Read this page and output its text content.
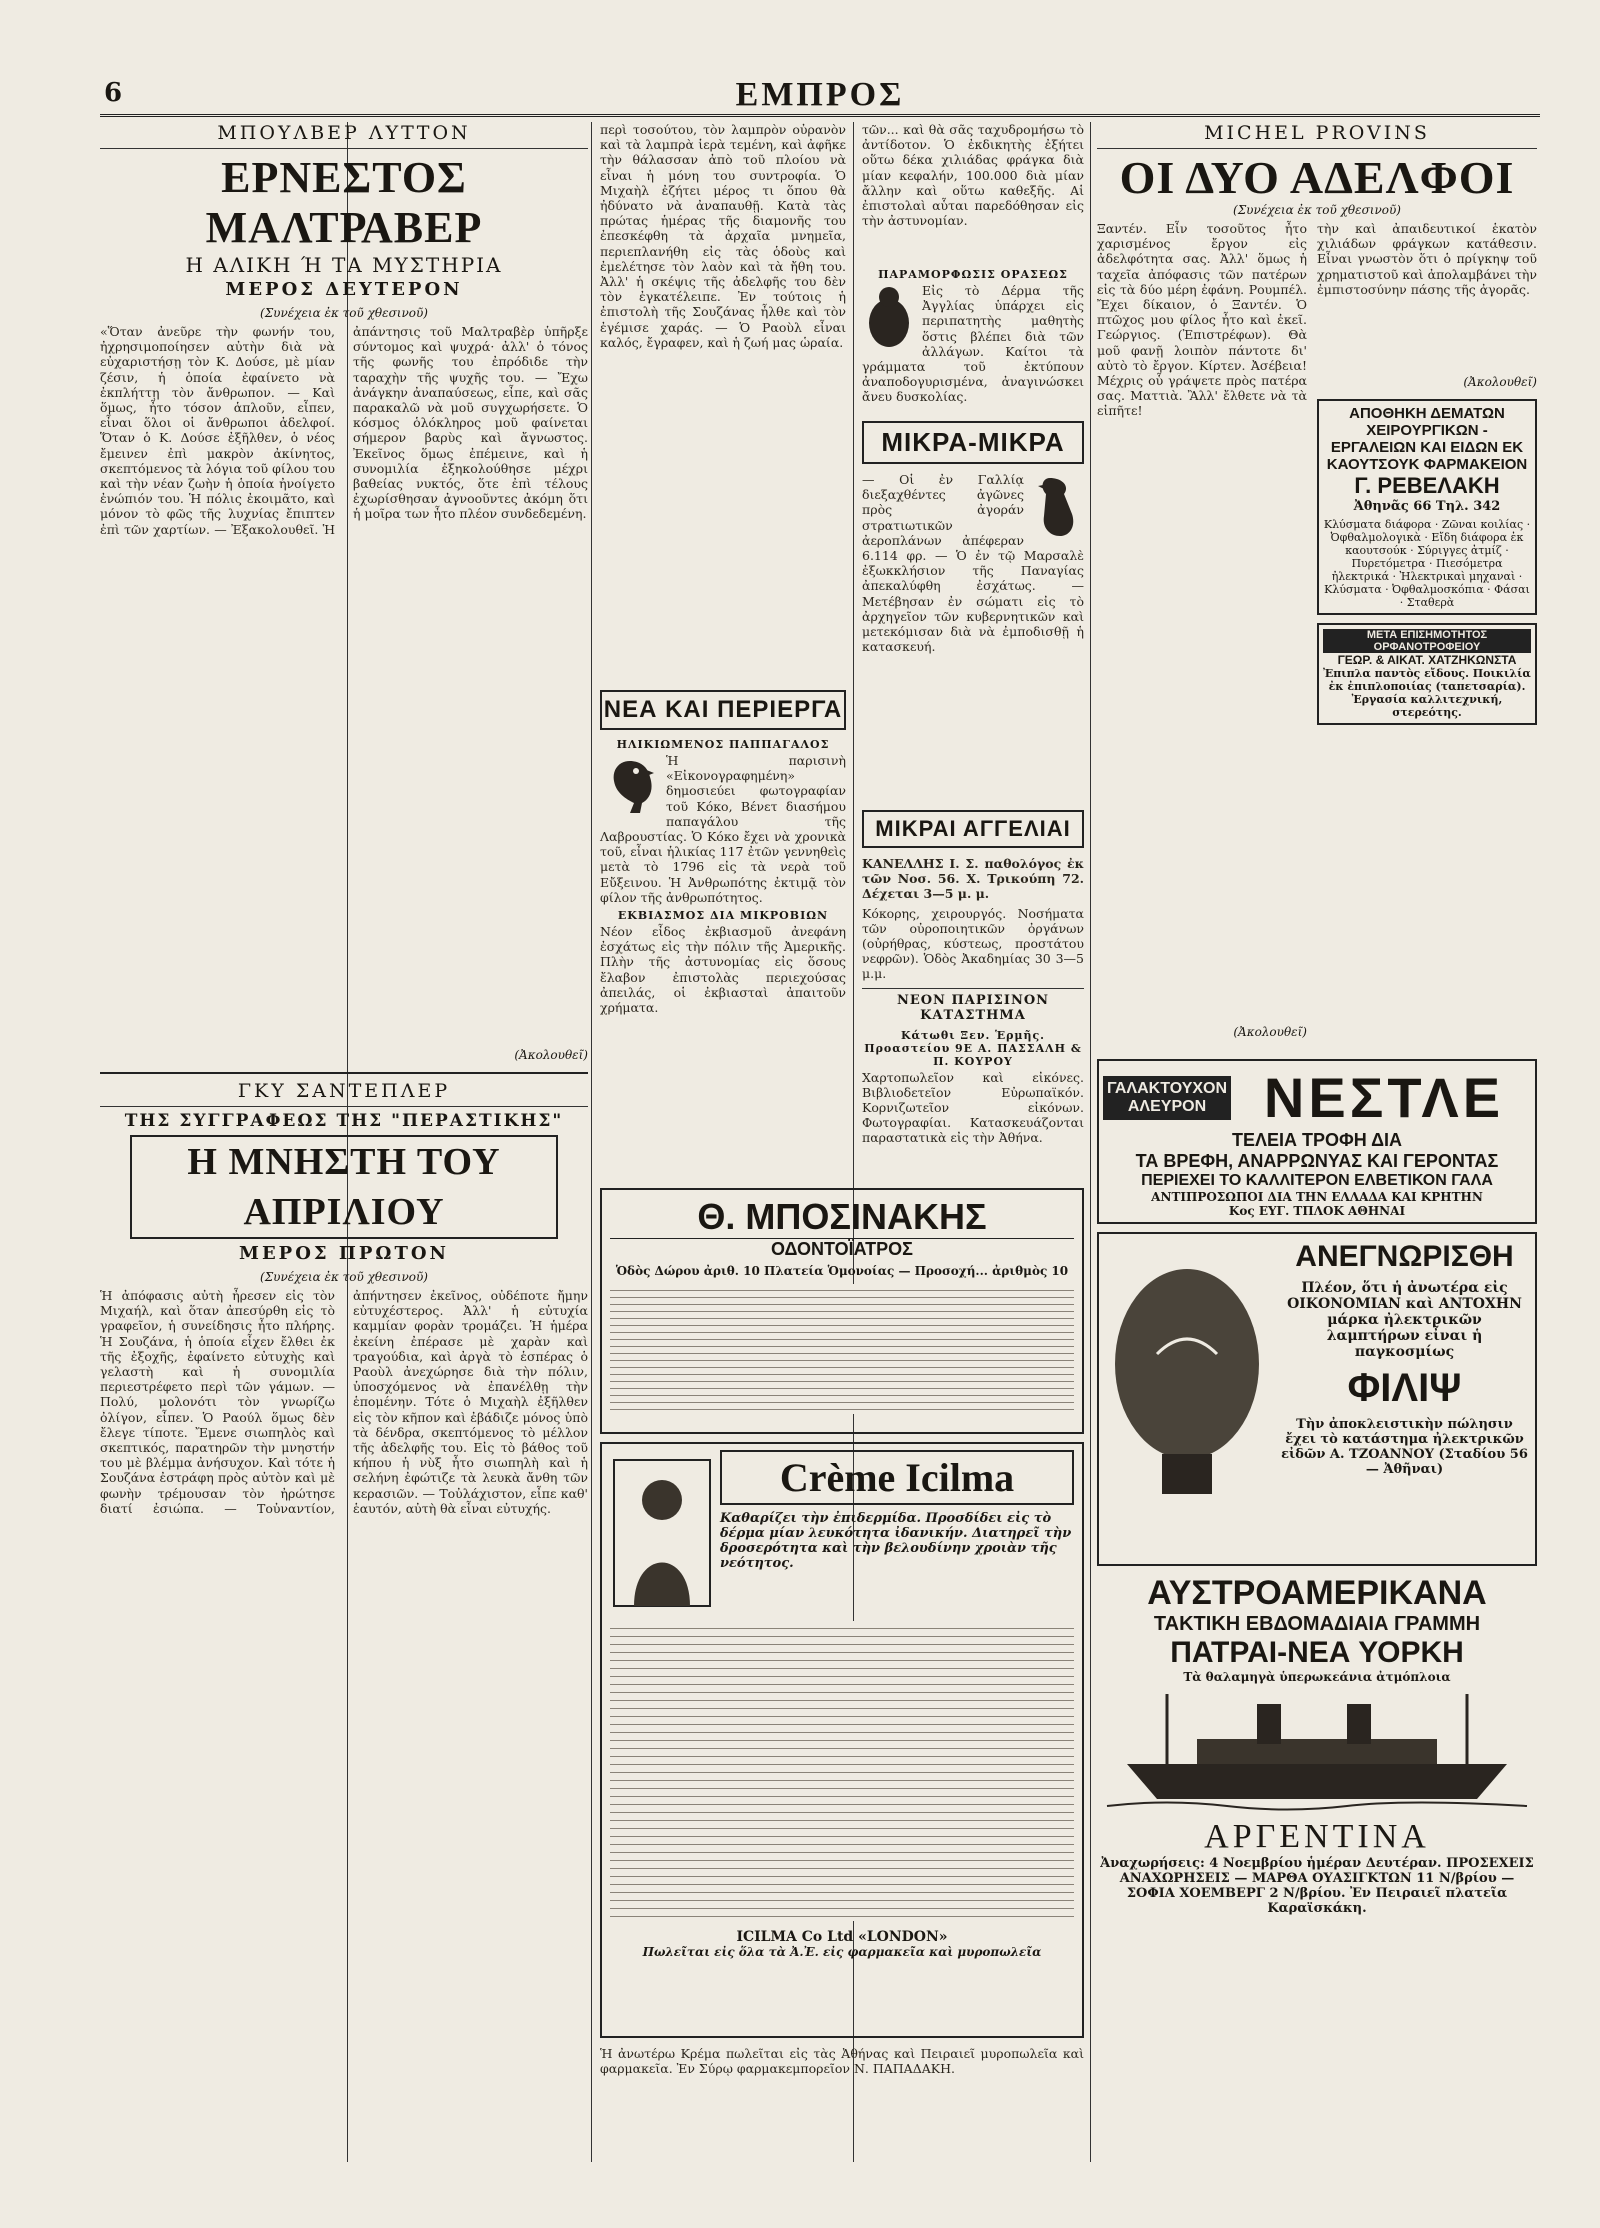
6	ΕΜΠΡΟΣ
ΜΠΟΥΛΒΕΡ ΛΥΤΤΟΝ
ΕΡΝΕΣΤΟΣ ΜΑΛΤΡΑΒΕΡ
Η ΑΛΙΚΗ Ή ΤΑ ΜΥΣΤΗΡΙΑ
ΜΕΡΟΣ ΔΕΥΤΕΡΟΝ
(Συνέχεια ἐκ τοῦ χθεσινοῦ)
«Ὅταν ἀνεῦρε τὴν φωνήν του, ἠχρησιμοποίησεν αὐτὴν διὰ νὰ εὐχαριστήσῃ τὸν Κ. Δούσε, μὲ μίαν ζέσιν, ἡ ὁποία ἐφαίνετο νὰ ἐκπλήττῃ τὸν ἄνθρωπον. — Καὶ ὅμως, ἦτο τόσον ἁπλοῦν, εἶπεν, εἶναι ὅλοι οἱ ἄνθρωποι ἀδελφοί. Ὅταν ὁ Κ. Δούσε ἐξῆλθεν, ὁ νέος ἔμεινεν ἐπὶ μακρὸν ἀκίνητος, σκεπτόμενος τὰ λόγια τοῦ φίλου του καὶ τὴν νέαν ζωὴν ἡ ὁποία ἠνοίγετο ἐνώπιόν του. Ἡ πόλις ἐκοιμᾶτο, καὶ μόνον τὸ φῶς τῆς λυχνίας ἔπιπτεν ἐπὶ τῶν χαρτίων. — Ἐξακολουθεῖ. Ἡ ἀπάντησις τοῦ Μαλτραβὲρ ὑπῆρξε σύντομος καὶ ψυχρά· ἀλλ' ὁ τόνος τῆς φωνῆς του ἐπρόδιδε τὴν ταραχὴν τῆς ψυχῆς του. — Ἔχω ἀνάγκην ἀναπαύσεως, εἶπε, καὶ σᾶς παρακαλῶ νὰ μοῦ συγχωρήσετε. Ὁ κόσμος ὁλόκληρος μοῦ φαίνεται σήμερον βαρὺς καὶ ἄγνωστος. Ἐκεῖνος ὅμως ἐπέμεινε, καὶ ἡ συνομιλία ἐξηκολούθησε μέχρι βαθείας νυκτός, ὅτε ἐπὶ τέλους ἐχωρίσθησαν ἀγνοοῦντες ἀκόμη ὅτι ἡ μοῖρα των ἦτο πλέον συνδεδεμένη.
(Ἀκολουθεῖ)
ΓΚΥ ΣΑΝΤΕΠΛΕΡ
ΤΗΣ ΣΥΓΓΡΑΦΕΩΣ ΤΗΣ "ΠΕΡΑΣΤΙΚΗΣ"
Η ΜΝΗΣΤΗ ΤΟΥ ΑΠΡΙΛΙΟΥ
ΜΕΡΟΣ ΠΡΩΤΟΝ
(Συνέχεια ἐκ τοῦ χθεσινοῦ)
Ἡ ἀπόφασις αὐτὴ ἦρεσεν εἰς τὸν Μιχαήλ, καὶ ὅταν ἀπεσύρθη εἰς τὸ γραφεῖον, ἡ συνείδησις ἦτο πλήρης. Ἡ Σουζάνα, ἡ ὁποία εἶχεν ἔλθει ἐκ τῆς ἐξοχῆς, ἐφαίνετο εὐτυχὴς καὶ γελαστὴ καὶ ἡ συνομιλία περιεστρέφετο περὶ τῶν γάμων. — Πολύ, μολονότι τὸν γνωρίζω ὀλίγον, εἶπεν. Ὁ Ραούλ ὅμως δὲν ἔλεγε τίποτε. Ἔμενε σιωπηλὸς καὶ σκεπτικός, παρατηρῶν τὴν μνηστήν του μὲ βλέμμα ἀνήσυχον. Καὶ τότε ἡ Σουζάνα ἐστράφη πρὸς αὐτὸν καὶ μὲ φωνὴν τρέμουσαν τὸν ἠρώτησε διατί ἐσιώπα. — Τοὐναντίον, ἀπήντησεν ἐκεῖνος, οὐδέποτε ἤμην εὐτυχέστερος. Ἀλλ' ἡ εὐτυχία καμμίαν φορὰν τρομάζει. Ἡ ἡμέρα ἐκείνη ἐπέρασε μὲ χαρὰν καὶ τραγούδια, καὶ ἀργὰ τὸ ἑσπέρας ὁ Ραοὺλ ἀνεχώρησε διὰ τὴν πόλιν, ὑποσχόμενος νὰ ἐπανέλθῃ τὴν ἑπομένην. Τότε ὁ Μιχαὴλ ἐξῆλθεν εἰς τὸν κῆπον καὶ ἐβάδιζε μόνος ὑπὸ τὰ δένδρα, σκεπτόμενος τὸ μέλλον τῆς ἀδελφῆς του. Εἰς τὸ βάθος τοῦ κήπου ἡ νὺξ ἦτο σιωπηλὴ καὶ ἡ σελήνη ἐφώτιζε τὰ λευκὰ ἄνθη τῶν κερασιῶν. — Τοὐλάχιστον, εἶπε καθ' ἑαυτόν, αὐτὴ θὰ εἶναι εὐτυχής.
περὶ τοσούτου, τὸν λαμπρὸν οὐρανὸν καὶ τὰ λαμπρὰ ἱερὰ τεμένη, καὶ ἀφῆκε τὴν θάλασσαν ἀπὸ τοῦ πλοίου νὰ εἶναι ἡ μόνη του συντροφία. Ὁ Μιχαὴλ ἐζήτει μέρος τι ὅπου θὰ ἠδύνατο νὰ ἀναπαυθῇ. Κατὰ τὰς πρώτας ἡμέρας τῆς διαμονῆς του ἐπεσκέφθη τὰ ἀρχαῖα μνημεῖα, περιεπλανήθη εἰς τὰς ὁδοὺς καὶ ἐμελέτησε τὸν λαὸν καὶ τὰ ἤθη του. Ἀλλ' ἡ σκέψις τῆς ἀδελφῆς του δὲν τὸν ἐγκατέλειπε. Ἐν τούτοις ἡ ἐπιστολὴ τῆς Σουζάνας ἦλθε καὶ τὸν ἐγέμισε χαράς. — Ὁ Ραοὺλ εἶναι καλός, ἔγραφεν, καὶ ἡ ζωή μας ὡραία.
ΝΕΑ ΚΑΙ ΠΕΡΙΕΡΓΑ
ΗΛΙΚΙΩΜΕΝΟΣ ΠΑΠΠΑΓΑΛΟΣ
Ἡ παρισινὴ «Εἰκονογραφημένη» δημοσιεύει φωτογραφίαν τοῦ Κόκο, Βένετ διασήμου παπαγάλου τῆς Λαβρουστίας. Ὁ Κόκο ἔχει νὰ χρονικὰ τοῦ, εἶναι ἡλικίας 117 ἐτῶν γεννηθεὶς μετὰ τὸ 1796 εἰς τὰ νερὰ τοῦ Εὔξεινου. Ἡ Ἀνθρωπότης ἐκτιμᾷ τὸν φίλον τῆς ἀνθρωπότητος.
ΕΚΒΙΑΣΜΟΣ ΔΙΑ ΜΙΚΡΟΒΙΩΝ
Νέον εἶδος ἐκβιασμοῦ ἀνεφάνη ἐσχάτως εἰς τὴν πόλιν τῆς Ἀμερικῆς. Πλὴν τῆς ἀστυνομίας εἰς ὅσους ἔλαβον ἐπιστολὰς περιεχούσας ἀπειλάς, οἱ ἐκβιασταὶ ἀπαιτοῦν χρήματα.
τῶν... καὶ θὰ σᾶς ταχυδρομήσω τὸ ἀντίδοτον. Ὁ ἐκδικητὴς ἐξήτει οὕτω δέκα χιλιάδας φράγκα διὰ μίαν κεφαλήν, 100.000 διὰ μίαν ἄλλην καὶ οὕτω καθεξῆς. Αἱ ἐπιστολαὶ αὗται παρεδόθησαν εἰς τὴν ἀστυνομίαν.
ΠΑΡΑΜΟΡΦΩΣΙΣ ΟΡΑΣΕΩΣ
Εἰς τὸ Δέρμα τῆς Ἀγγλίας ὑπάρχει εἰς περιπατητὴς μαθητὴς ὅστις βλέπει διὰ τῶν ἀλλάγων. Καίτοι τὰ γράμματα τοῦ ἐκτύπουν ἀναποδογυρισμένα, ἀναγινώσκει ἄνευ δυσκολίας.
ΜΙΚΡΑ-ΜΙΚΡΑ
— Οἱ ἐν Γαλλίᾳ διεξαχθέντες ἀγῶνες πρὸς ἀγοράν στρατιωτικῶν ἀεροπλάνων ἀπέφεραν 6.114 φρ. — Ὁ ἐν τῷ Μαρσαλὲ ἐξωκκλήσιον τῆς Παναγίας ἀπεκαλύφθη ἐσχάτως. — Μετέβησαν ἐν σώματι εἰς τὸ ἀρχηγεῖον τῶν κυβερνητικῶν καὶ μετεκόμισαν διὰ νὰ ἐμποδισθῇ ἡ κατασκευή.
ΜΙΚΡΑΙ ΑΓΓΕΛΙΑΙ
ΚΑΝΕΛΛΗΣ Ι. Σ. παθολόγος ἐκ τῶν Νοσ. 56. Χ. Τρικούπη 72. Δέχεται 3—5 μ. μ.
Κόκορης, χειρουργός. Νοσήματα τῶν οὐροποιητικῶν ὀργάνων (οὐρήθρας, κύστεως, προστάτου νεφρῶν). Ὁδὸς Ἀκαδημίας 30 3—5 μ.μ.
ΝΕΟΝ ΠΑΡΙΣΙΝΟΝ ΚΑΤΑΣΤΗΜΑ
Κάτωθι Ξεν. Ἑρμῆς. Προαστείου 9Ε Α. ΠΑΣΣΑΛΗ & Π. ΚΟΥΡΟΥ
Χαρτοπωλεῖον καὶ εἰκόνες. Βιβλιοδετεῖον Εὐρωπαϊκόν. Κορνιζωτεῖον εἰκόνων. Φωτογραφίαι. Κατασκευάζονται παραστατικὰ εἰς τὴν Ἀθήνα.
Θ. ΜΠΟΣΙΝΑΚΗΣ
ΟΔΟΝΤΟΪΑΤΡΟΣ
Ὁδὸς Δώρου ἀριθ. 10 Πλατεία Ὁμονοίας — Προσοχή... ἀριθμὸς 10
Crème Icilma
Καθαρίζει τὴν ἐπιδερμίδα. Προσδίδει εἰς τὸ δέρμα μίαν λευκότητα ἰδανικήν. Διατηρεῖ τὴν δροσερότητα καὶ τὴν βελουδίνην χροιὰν τῆς νεότητος.
ICILMA Co Ltd «LONDON»
Πωλεῖται εἰς ὅλα τὰ Ἀ.Ἐ. εἰς φαρμακεῖα καὶ μυροπωλεῖα
Ἡ ἀνωτέρω Κρέμα πωλεῖται εἰς τὰς Ἀθήνας καὶ Πειραιεῖ μυροπωλεῖα καὶ φαρμακεῖα. Ἐν Σύρῳ φαρμακεμπορεῖον Ν. ΠΑΠΑΔΑΚΗ.
MICHEL PROVINS
ΟΙ ΔΥΟ ΑΔΕΛΦΟΙ
(Συνέχεια ἐκ τοῦ χθεσινοῦ)
Ξαντέν. Εἶν τοσοῦτος ἦτο χαρισμένος ἔργον εἰς ἀδελφότητα σας. Ἀλλ' ὅμως ἡ ταχεῖα ἀπόφασις τῶν πατέρων εἰς τὰ δύο μέρη ἐφάνη. Ρουμπέλ. Ἔχει δίκαιον, ὁ Ξαντέν. Ὁ πτῶχος μου φίλος ἦτο καὶ ἐκεῖ. Γεώργιος. (Ἐπιστρέφων). Θὰ μοῦ φανῇ λοιπὸν πάντοτε δι' αὐτὸ τὸ ἔργον. Κίρτεν. Ἀσέβεια! Μέχρις οὗ γράψετε πρὸς πατέρα σας. Ματτιὰ. Ἂλλ' ἔλθετε νὰ τὰ εἰπῆτε!
(Ἀκολουθεῖ)
τὴν καὶ ἀπαιδευτικοί ἑκατὸν χιλιάδων φράγκων κατάθεσιν. Εἶναι γνωστὸν ὅτι ὁ πρίγκηψ τοῦ χρηματιστοῦ καὶ ἀπολαμβάνει τὴν ἐμπιστοσύνην πάσης τῆς ἀγορᾶς.
(Ἀκολουθεῖ)
ΑΠΟΘΗΚΗ ΔΕΜΑΤΩΝ ΧΕΙΡΟΥΡΓΙΚΩΝ - ΕΡΓΑΛΕΙΩΝ ΚΑΙ ΕΙΔΩΝ ΕΚ ΚΑΟΥΤΣΟΥΚ ΦΑΡΜΑΚΕΙΟΝ
Γ. ΡΕΒΕΛΑΚΗ
Ἀθηνᾶς 66 Τηλ. 342
Κλύσματα διάφορα · Ζῶναι κοιλίας · Ὀφθαλμολογικὰ · Εἴδη διάφορα ἐκ καουτσούκ · Σύριγγες ἀτμίζ · Πυρετόμετρα · Πιεσόμετρα ἠλεκτρικά · Ἠλεκτρικαὶ μηχαναὶ · Κλύσματα · Ὀφθαλμοσκόπια · Φάσαι · Σταθερὰ
ΜΕΤΑ ΕΠΙΣΗΜΟΤΗΤΟΣ ΟΡΦΑΝΟΤΡΟΦΕΙΟΥ
ΓΕΩΡ. & ΑΙΚΑΤ. ΧΑΤΖΗΚΩΝΣΤΑ
Ἐπιπλα παντὸς εἴδους. Ποικιλία ἐκ ἐπιπλοποιίας (ταπετσαρία). Ἐργασία καλλιτεχνική, στερεότης.
ΓΑΛΑΚΤΟΥΧΟΝ ΑΛΕΥΡΟΝ	ΝΕΣΤΛΕ
ΤΕΛΕΙΑ ΤΡΟΦΗ ΔΙΑ
ΤΑ ΒΡΕΦΗ, ΑΝΑΡΡΩΝΥΑΣ ΚΑΙ ΓΕΡΟΝΤΑΣ
ΠΕΡΙΕΧΕΙ ΤΟ ΚΑΛΛΙΤΕΡΟΝ ΕΛΒΕΤΙΚΟΝ ΓΑΛΑ
ΑΝΤΙΠΡΟΣΩΠΟΙ ΔΙΑ ΤΗΝ ΕΛΛΑΔΑ ΚΑΙ ΚΡΗΤΗΝ
Κος ΕΥΓ. ΤΠΛΟΚ ΑΘΗΝΑΙ
ΑΝΕΓΝΩΡΙΣΘΗ
Πλέον, ὅτι ἡ ἀνωτέρα εἰς ΟΙΚΟΝΟΜΙΑΝ καὶ ΑΝΤΟΧΗΝ μάρκα ἠλεκτρικῶν λαμπτήρων εἶναι ἡ παγκοσμίως
ΦΙΛΙΨ
Τὴν ἀποκλειστικὴν πώλησιν ἔχει τὸ κατάστημα ἠλεκτρικῶν εἰδῶν Α. ΤΖΟΑΝΝΟΥ (Σταδίου 56 — Ἀθῆναι)
ΑΥΣΤΡΟΑΜΕΡΙΚΑΝΑ
ΤΑΚΤΙΚΗ ΕΒΔΟΜΑΔΙΑΙΑ ΓΡΑΜΜΗ
ΠΑΤΡΑΙ-ΝΕΑ ΥΟΡΚΗ
Τὰ θαλαμηγὰ ὑπερωκεάνια ἀτμόπλοια
ΑΡΓΕΝΤΙΝΑ
Ἀναχωρήσεις: 4 Νοεμβρίου ἡμέραν Δευτέραν. ΠΡΟΣΕΧΕΙΣ ΑΝΑΧΩΡΗΣΕΙΣ — ΜΑΡΘΑ ΟΥΑΣΙΓΚΤΩΝ 11 Ν/βρίου — ΣΟΦΙΑ ΧΟΕΜΒΕΡΓ 2 Ν/βρίου. Ἐν Πειραιεῖ πλατεῖα Καραϊσκάκη.
